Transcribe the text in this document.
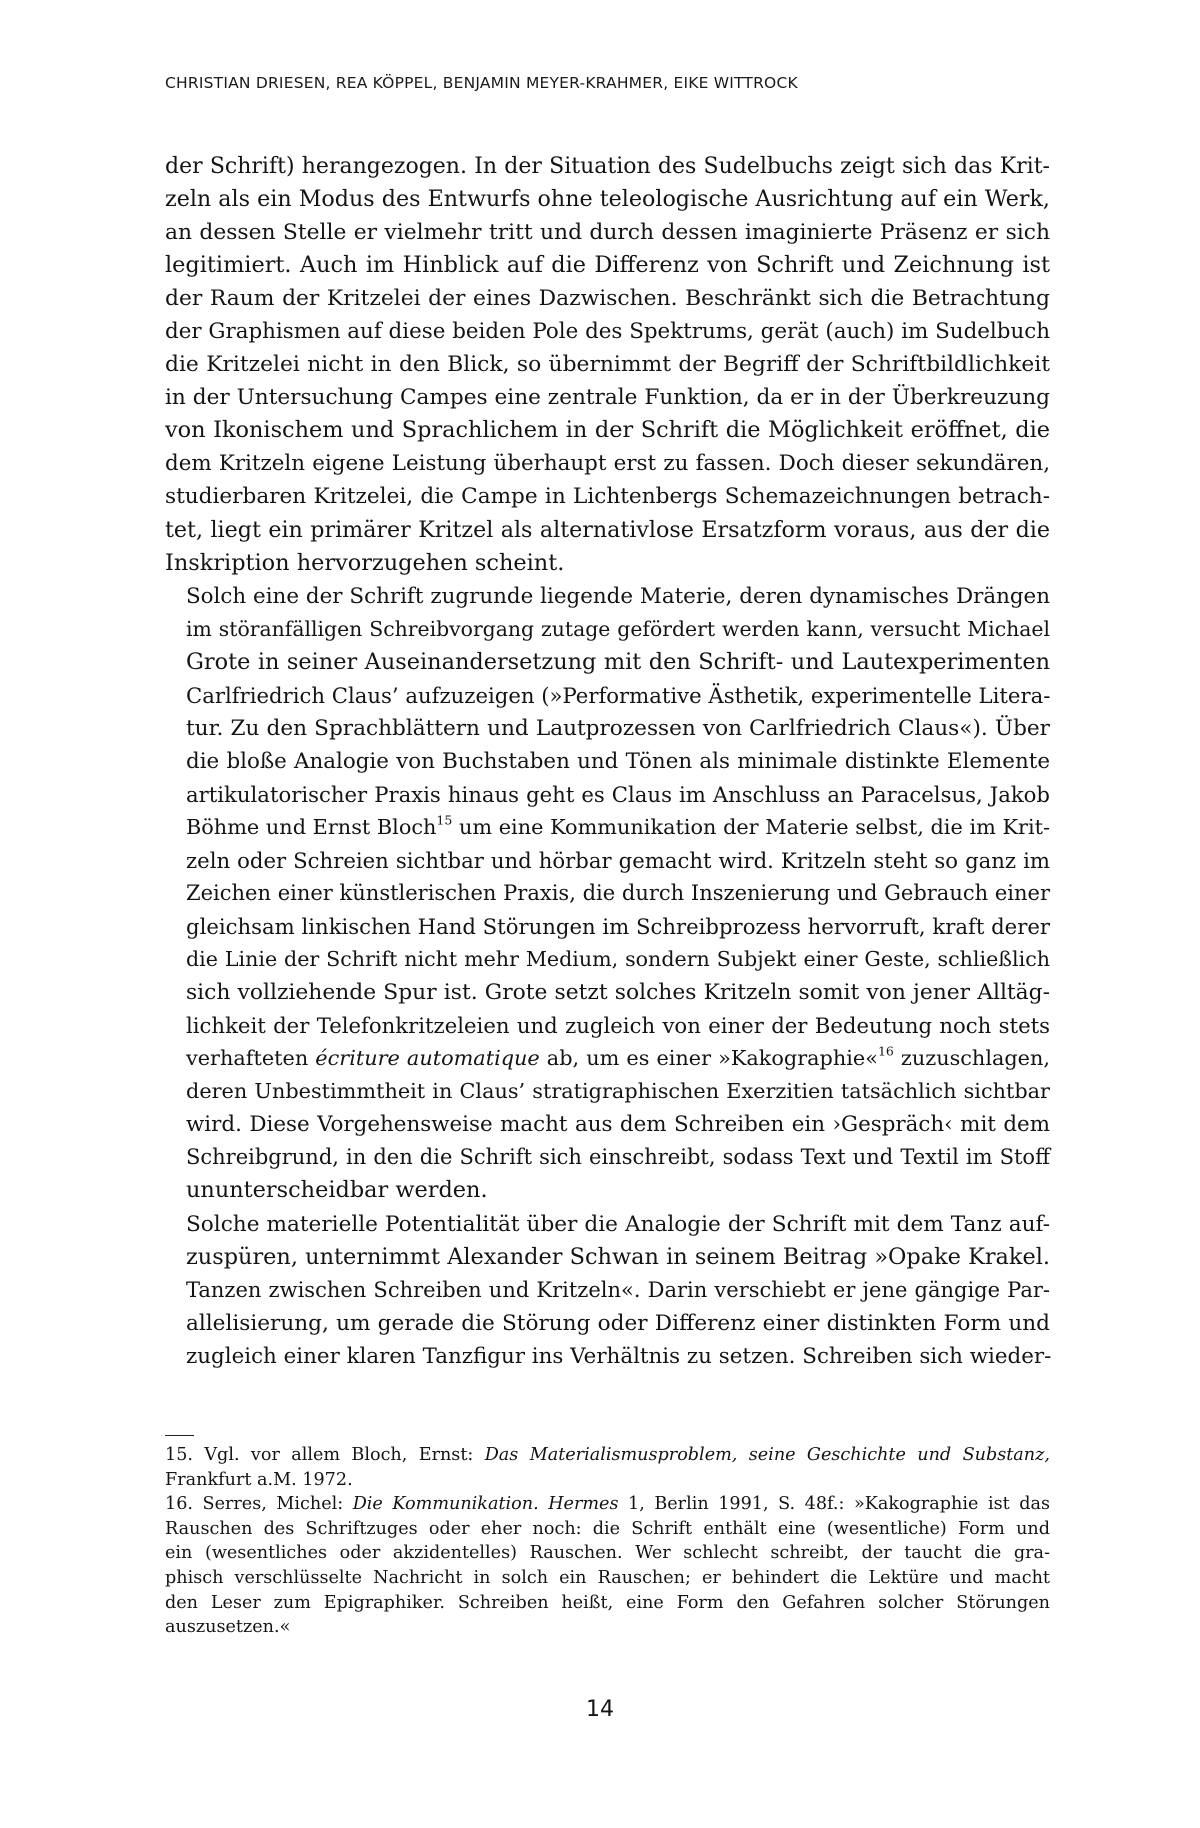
CHRISTIAN DRIESEN, REA KÖPPEL, BENJAMIN MEYER-KRAHMER, EIKE WITTROCK

der Schrift) herangezogen. In der Situation des Sudelbuchs zeigt sich das Krit-
zeln als ein Modus des Entwurfs ohne teleologische Ausrichtung auf ein Werk,
an dessen Stelle er vielmehr tritt und durch dessen imaginierte Präsenz er sich
legitimiert. Auch im Hinblick auf die Differenz von Schrift und Zeichnung ist
der Raum der Kritzelei der eines Dazwischen. Beschränkt sich die Betrachtung
der Graphismen auf diese beiden Pole des Spektrums, gerät (auch) im Sudelbuch
die Kritzelei nicht in den Blick, so übernimmt der Begriff der Schriftbildlichkeit
in der Untersuchung Campes eine zentrale Funktion, da er in der Überkreuzung
von Ikonischem und Sprachlichem in der Schrift die Möglichkeit eröffnet, die
dem Kritzeln eigene Leistung überhaupt erst zu fassen. Doch dieser sekundären,
studierbaren Kritzelei, die Campe in Lichtenbergs Schemazeichnungen betrach-
tet, liegt ein primärer Kritzel als alternativlose Ersatzform voraus, aus der die
Inskription hervorzugehen scheint.

Solch eine der Schrift zugrunde liegende Materie, deren dynamisches Drängen
im störanfälligen Schreibvorgang zutage gefördert werden kann, versucht Michael
Grote in seiner Auseinandersetzung mit den Schrift- und Lautexperimenten
Carlfriedrich Claus’ aufzuzeigen (»Performative Ästhetik, experimentelle Litera-
tur. Zu den Sprachblättern und Lautprozessen von Carlfriedrich Claus«). Über
die bloße Analogie von Buchstaben und Tönen als minimale distinkte Elemente
artikulatorischer Praxis hinaus geht es Claus im Anschluss an Paracelsus, Jakob
Böhme und Ernst Bloch$^{15}$ um eine Kommunikation der Materie selbst, die im Krit-
zeln oder Schreien sichtbar und hörbar gemacht wird. Kritzeln steht so ganz im
Zeichen einer künstlerischen Praxis, die durch Inszenierung und Gebrauch einer
gleichsam linkischen Hand Störungen im Schreibprozess hervorruft, kraft derer
die Linie der Schrift nicht mehr Medium, sondern Subjekt einer Geste, schließlich
sich vollziehende Spur ist. Grote setzt solches Kritzeln somit von jener Alltäg-
lichkeit der Telefonkritzeleien und zugleich von einer der Bedeutung noch stets
verhafteten écriture automatique ab, um es einer »Kakographie«$^{16}$ zuzuschlagen,
deren Unbestimmtheit in Claus’ stratigraphischen Exerzitien tatsächlich sichtbar
wird. Diese Vorgehensweise macht aus dem Schreiben ein ›Gespräch‹ mit dem
Schreibgrund, in den die Schrift sich einschreibt, sodass Text und Textil im Stoff
ununterscheidbar werden.

Solche materielle Potentialität über die Analogie der Schrift mit dem Tanz auf-
zuspüren, unternimmt Alexander Schwan in seinem Beitrag »Opake Krakel.
Tanzen zwischen Schreiben und Kritzeln«. Darin verschiebt er jene gängige Par-
allelisierung, um gerade die Störung oder Differenz einer distinkten Form und
zugleich einer klaren Tanzfigur ins Verhältnis zu setzen. Schreiben sich wieder-

15. Vgl. vor allem Bloch, Ernst: Das Materialismusproblem, seine Geschichte und Substanz,
Frankfurt a.M. 1972.

16. Serres, Michel: Die Kommunikation. Hermes 1, Berlin 1991, S. 48f.: »Kakographie ist das
Rauschen des Schriftzuges oder eher noch: die Schrift enthält eine (wesentliche) Form und
ein (wesentliches oder akzidentelles) Rauschen. Wer schlecht schreibt, der taucht die gra-
phisch verschlüsselte Nachricht in solch ein Rauschen; er behindert die Lektüre und macht
den Leser zum Epigraphiker. Schreiben heißt, eine Form den Gefahren solcher Störungen
auszusetzen.«

14
